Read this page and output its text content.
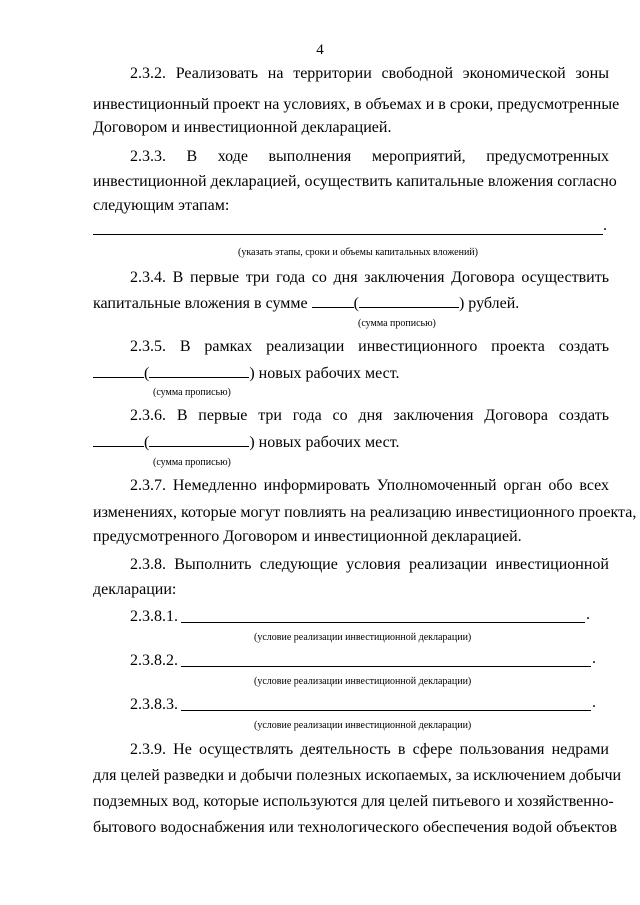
4
2.3.2. Реализовать на территории свободной экономической зоны
инвестиционный проект на условиях, в объемах и в сроки, предусмотренные
Договором и инвестиционной декларацией.
2.3.3. В ходе выполнения мероприятий, предусмотренных
инвестиционной декларацией, осуществить капитальные вложения согласно
следующим этапам:
.
(указать этапы, сроки и объемы капитальных вложений)
2.3.4. В первые три года со дня заключения Договора осуществить
капитальные вложения в сумме	(	) рублей.
(сумма прописью)
2.3.5. В рамках реализации инвестиционного проекта создать
(	) новых рабочих мест.
(сумма прописью)
2.3.6. В первые три года со дня заключения Договора создать
(	) новых рабочих мест.
(сумма прописью)
2.3.7. Немедленно информировать Уполномоченный орган обо всех
изменениях, которые могут повлиять на реализацию инвестиционного проекта,
предусмотренного Договором и инвестиционной декларацией.
2.3.8. Выполнить следующие условия реализации инвестиционной
декларации:
2.3.8.1.	.
(условие реализации инвестиционной декларации)
2.3.8.2.	.
(условие реализации инвестиционной декларации)
2.3.8.3.	.
(условие реализации инвестиционной декларации)
2.3.9. Не осуществлять деятельность в сфере пользования недрами
для целей разведки и добычи полезных ископаемых, за исключением добычи
подземных вод, которые используются для целей питьевого и хозяйственно-
бытового водоснабжения или технологического обеспечения водой объектов
